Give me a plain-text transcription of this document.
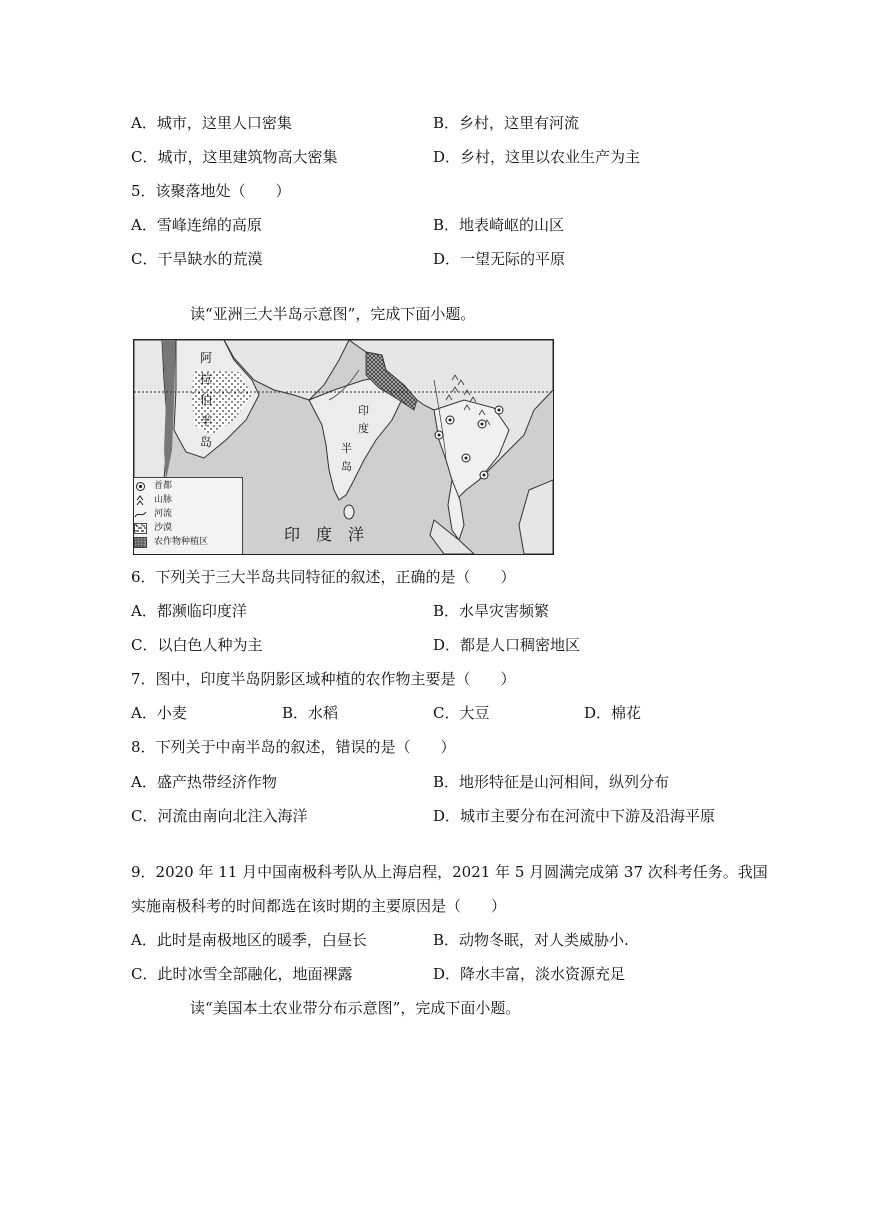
A．城市，这里人口密集	B．乡村，这里有河流
C．城市，这里建筑物高大密集	D．乡村，这里以农业生产为主
5．该聚落地处（　　）
A．雪峰连绵的高原	B．地表崎岖的山区
C．干旱缺水的荒漠	D．一望无际的平原
读“亚洲三大半岛示意图”，完成下面小题。
阿
拉
伯
半
岛
印
度
半
岛
印　度　洋
首都
山脉
河流
沙漠
农作物种植区
6．下列关于三大半岛共同特征的叙述，正确的是（　　）
A．都濒临印度洋	B．水旱灾害频繁
C．以白色人种为主	D．都是人口稠密地区
7．图中，印度半岛阴影区域种植的农作物主要是（　　）
A．小麦	B．水稻	C．大豆	D．棉花
8．下列关于中南半岛的叙述，错误的是（　　）
A．盛产热带经济作物	B．地形特征是山河相间，纵列分布
C．河流由南向北注入海洋	D．城市主要分布在河流中下游及沿海平原
9．2020 年 11 月中国南极科考队从上海启程，2021 年 5 月圆满完成第 37 次科考任务。我国
实施南极科考的时间都选在该时期的主要原因是（　　）
A．此时是南极地区的暖季，白昼长	B．动物冬眠，对人类威胁小.
C．此时冰雪全部融化，地面裸露	D．降水丰富，淡水资源充足
读“美国本土农业带分布示意图”，完成下面小题。
